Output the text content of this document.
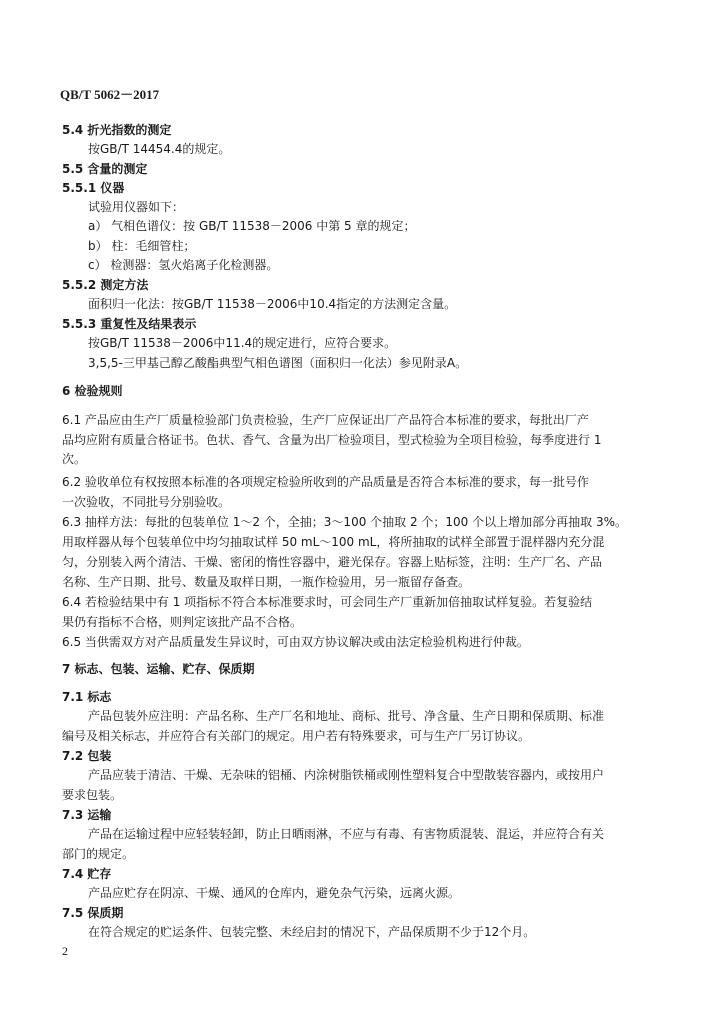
QB/T 5062－2017
5.4 折光指数的测定
按GB/T 14454.4的规定。
5.5 含量的测定
5.5.1 仪器
试验用仪器如下：
a） 气相色谱仪：按 GB/T 11538－2006 中第 5 章的规定；
b） 柱：毛细管柱；
c） 检测器：氢火焰离子化检测器。
5.5.2 测定方法
面积归一化法：按GB/T 11538－2006中10.4指定的方法测定含量。
5.5.3 重复性及结果表示
按GB/T 11538－2006中11.4的规定进行，应符合要求。
3,5,5-三甲基己醇乙酸酯典型气相色谱图（面积归一化法）参见附录A。
6 检验规则
6.1 产品应由生产厂质量检验部门负责检验，生产厂应保证出厂产品符合本标准的要求，每批出厂产
品均应附有质量合格证书。色状、香气、含量为出厂检验项目，型式检验为全项目检验，每季度进行 1
次。
6.2 验收单位有权按照本标准的各项规定检验所收到的产品质量是否符合本标准的要求，每一批号作
一次验收，不同批号分别验收。
6.3 抽样方法：每批的包装单位 1～2 个，全抽；3～100 个抽取 2 个；100 个以上增加部分再抽取 3%。
用取样器从每个包装单位中均匀抽取试样 50 mL～100 mL，将所抽取的试样全部置于混样器内充分混
匀，分别装入两个清洁、干燥、密闭的惰性容器中，避光保存。容器上贴标签，注明：生产厂名、产品
名称、生产日期、批号、数量及取样日期，一瓶作检验用，另一瓶留存备查。
6.4 若检验结果中有 1 项指标不符合本标准要求时，可会同生产厂重新加倍抽取试样复验。若复验结
果仍有指标不合格，则判定该批产品不合格。
6.5 当供需双方对产品质量发生异议时，可由双方协议解决或由法定检验机构进行仲裁。
7 标志、包装、运输、贮存、保质期
7.1 标志
产品包装外应注明：产品名称、生产厂名和地址、商标、批号、净含量、生产日期和保质期、标准
编号及相关标志，并应符合有关部门的规定。用户若有特殊要求，可与生产厂另订协议。
7.2 包装
产品应装于清洁、干燥、无杂味的铝桶、内涂树脂铁桶或刚性塑料复合中型散装容器内，或按用户
要求包装。
7.3 运输
产品在运输过程中应轻装轻卸，防止日晒雨淋，不应与有毒、有害物质混装、混运，并应符合有关
部门的规定。
7.4 贮存
产品应贮存在阴凉、干燥、通风的仓库内，避免杂气污染，远离火源。
7.5 保质期
在符合规定的贮运条件、包装完整、未经启封的情况下，产品保质期不少于12个月。
2
